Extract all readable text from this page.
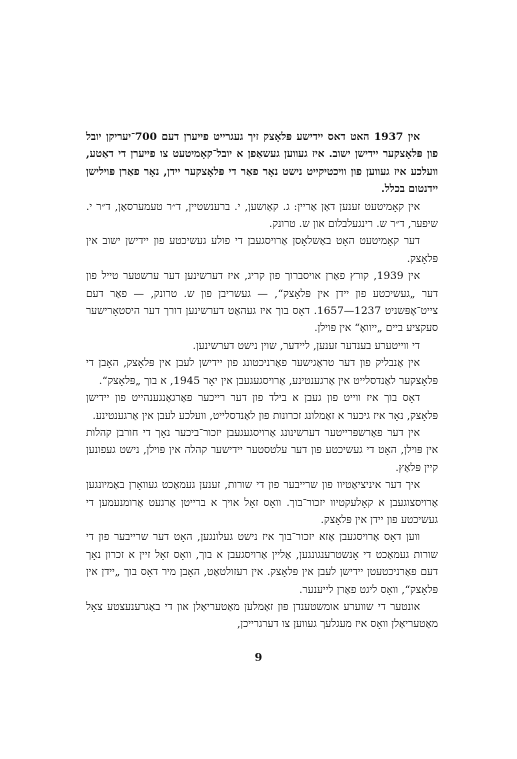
אין 1937 האט דאס יידישע פּלאָצק זיך געגרייט פייערן דעם 700־יעריקן יובל פון פּלאָצקער יידישן ישוב. איז געווען געשאַפן א יובל־קאָמיטעט צו פייערן די דאַטע, וועלכע איז געווען פון וויכטיקייט נישט נאָר פאַר די פּלאָצקער יידן, נאָר פאַרן פּוילישן יידנטום בכלל.

אין קאָמיטעט זענען דאַן אַריין: ג. קאַושען, י. ברענשטיין, ד״ר טעמערסאַן, ד״ר י. שיפער, ד״ר ש. רינגעלבלום און ש. טרונק.

דער קאָמיטעט האָט באַשלאָסן אַרויסגעבן די פולע געשיכטע פון יידישן ישוב אין פּלאָצק.

אין 1939, קורץ פאַרן אויסברוך פון קריג, איז דערשינען דער ערשטער טייל פון דער „געשיכטע פון יידן אין פּלאָצק“, — געשריבן פון ש. טרונק, — פאַר דעם צייט־אָפּשניט 1237—1657. דאָס בוך איז געהאַט דערשינען דורך דער היסטאָרישער סעקציע ביים „ייוואָ“ אין פּוילן.

די ווייטערע בענדער זענען, ליידער, שוין נישט דערשינען.

אין אַנבליק פון דער טראַגישער פאַרניכטונג פון יידישן לעבן אין פּלאָצק, האָבן די פּלאָצקער לאַנדסלייט אין אַרגענטינע, אַרויסגעגעבן אין יאָר 1945, א בוך „פּלאָצק“.

דאָס בוך איז ווייט פון געבן א בילד פון דער רייכער פאַרגאַנגענהייט פון יידישן פּלאָצק, נאָר איז גיכער א זאַמלונג זכרונות פון לאַנדסלייט, וועלכע לעבן אין אַרגענטינע.

אין דער פאַרשפּרייטער דערשינונג אַרויסגעגעבן יזכור־ביכער נאָך די חורבן קהלות אין פּוילן, האָט די געשיכטע פון דער עלטסטער יידישער קהלה אין פּוילן, נישט געפונען קיין פּלאַץ.

איך דער איניציאַטיוו פון שרייבער פון די שורות, זענען געמאַכט געוואָרן באַמיונגען אַרויסצוגעבן א קאָלעקטיוו יזכור־בוך. וואָס זאָל אויך א ברייטן אַרגעט אַרומנעמען די געשיכטע פון יידן אין פּלאָצק.

ווען דאָס אַרויסגעבן אַזא יזכור־בוך איז נישט געלונגען, האָט דער שרייבער פון די שורות געמאַכט די אָנשטרענגונגען, אַליין אַרויסגעבן א בוך, וואָס זאָל זיין א זכרון נאָך דעם פאַרניכטעטן יידישן לעבן אין פּלאָצק. אין רעזולטאַט, האָבן מיר דאָס בוך „יידן אין פּלאָצק“, וואָס ליגט פאַרן לייענער.

אונטער די שווערע אומשטענדן פון זאַמלען מאַטעריאַלן און די באַגרענעצטע צאָל מאַטעריאַלן וואָס איז מעגלעך געווען צו דערגרייכן,

9
